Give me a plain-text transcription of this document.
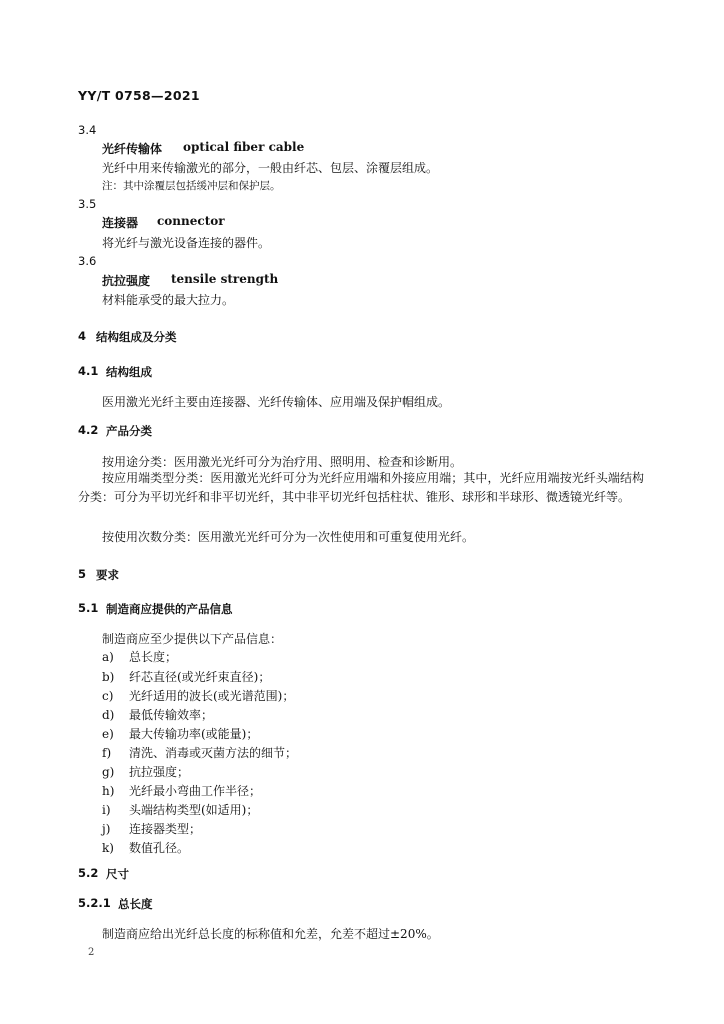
YY/T 0758—2021
3.4
光纤传输体 optical fiber cable
光纤中用来传输激光的部分，一般由纤芯、包层、涂覆层组成。
注：其中涂覆层包括缓冲层和保护层。
3.5
连接器 connector
将光纤与激光设备连接的器件。
3.6
抗拉强度 tensile strength
材料能承受的最大拉力。
4 结构组成及分类
4.1 结构组成
医用激光光纤主要由连接器、光纤传输体、应用端及保护帽组成。
4.2 产品分类
按用途分类：医用激光光纤可分为治疗用、照明用、检查和诊断用。
按应用端类型分类：医用激光光纤可分为光纤应用端和外接应用端；其中，光纤应用端按光纤头端结构分类：可分为平切光纤和非平切光纤，其中非平切光纤包括柱状、锥形、球形和半球形、微透镜光纤等。
按使用次数分类：医用激光光纤可分为一次性使用和可重复使用光纤。
5 要求
5.1 制造商应提供的产品信息
制造商应至少提供以下产品信息：
a) 总长度；
b) 纤芯直径(或光纤束直径)；
c) 光纤适用的波长(或光谱范围)；
d) 最低传输效率；
e) 最大传输功率(或能量)；
f) 清洗、消毒或灭菌方法的细节；
g) 抗拉强度；
h) 光纤最小弯曲工作半径；
i) 头端结构类型(如适用)；
j) 连接器类型；
k) 数值孔径。
5.2 尺寸
5.2.1 总长度
制造商应给出光纤总长度的标称值和允差，允差不超过±20%。
2
